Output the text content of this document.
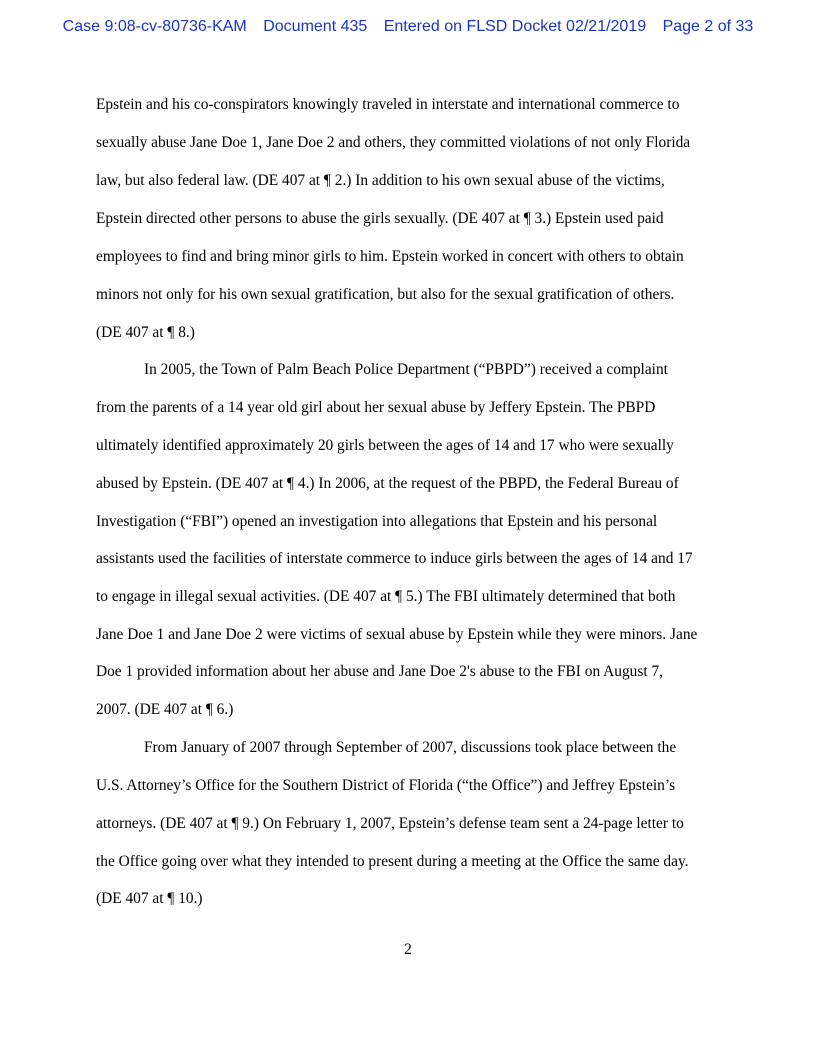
Case 9:08-cv-80736-KAM Document 435 Entered on FLSD Docket 02/21/2019 Page 2 of 33
Epstein and his co-conspirators knowingly traveled in interstate and international commerce to
sexually abuse Jane Doe 1, Jane Doe 2 and others, they committed violations of not only Florida
law, but also federal law. (DE 407 at ¶ 2.) In addition to his own sexual abuse of the victims,
Epstein directed other persons to abuse the girls sexually. (DE 407 at ¶ 3.) Epstein used paid
employees to find and bring minor girls to him. Epstein worked in concert with others to obtain
minors not only for his own sexual gratification, but also for the sexual gratification of others.
(DE 407 at ¶ 8.)
In 2005, the Town of Palm Beach Police Department (“PBPD”) received a complaint
from the parents of a 14 year old girl about her sexual abuse by Jeffery Epstein. The PBPD
ultimately identified approximately 20 girls between the ages of 14 and 17 who were sexually
abused by Epstein. (DE 407 at ¶ 4.) In 2006, at the request of the PBPD, the Federal Bureau of
Investigation (“FBI”) opened an investigation into allegations that Epstein and his personal
assistants used the facilities of interstate commerce to induce girls between the ages of 14 and 17
to engage in illegal sexual activities. (DE 407 at ¶ 5.) The FBI ultimately determined that both
Jane Doe 1 and Jane Doe 2 were victims of sexual abuse by Epstein while they were minors. Jane
Doe 1 provided information about her abuse and Jane Doe 2's abuse to the FBI on August 7,
2007. (DE 407 at ¶ 6.)
From January of 2007 through September of 2007, discussions took place between the
U.S. Attorney’s Office for the Southern District of Florida (“the Office”) and Jeffrey Epstein’s
attorneys. (DE 407 at ¶ 9.) On February 1, 2007, Epstein’s defense team sent a 24-page letter to
the Office going over what they intended to present during a meeting at the Office the same day.
(DE 407 at ¶ 10.)
2
